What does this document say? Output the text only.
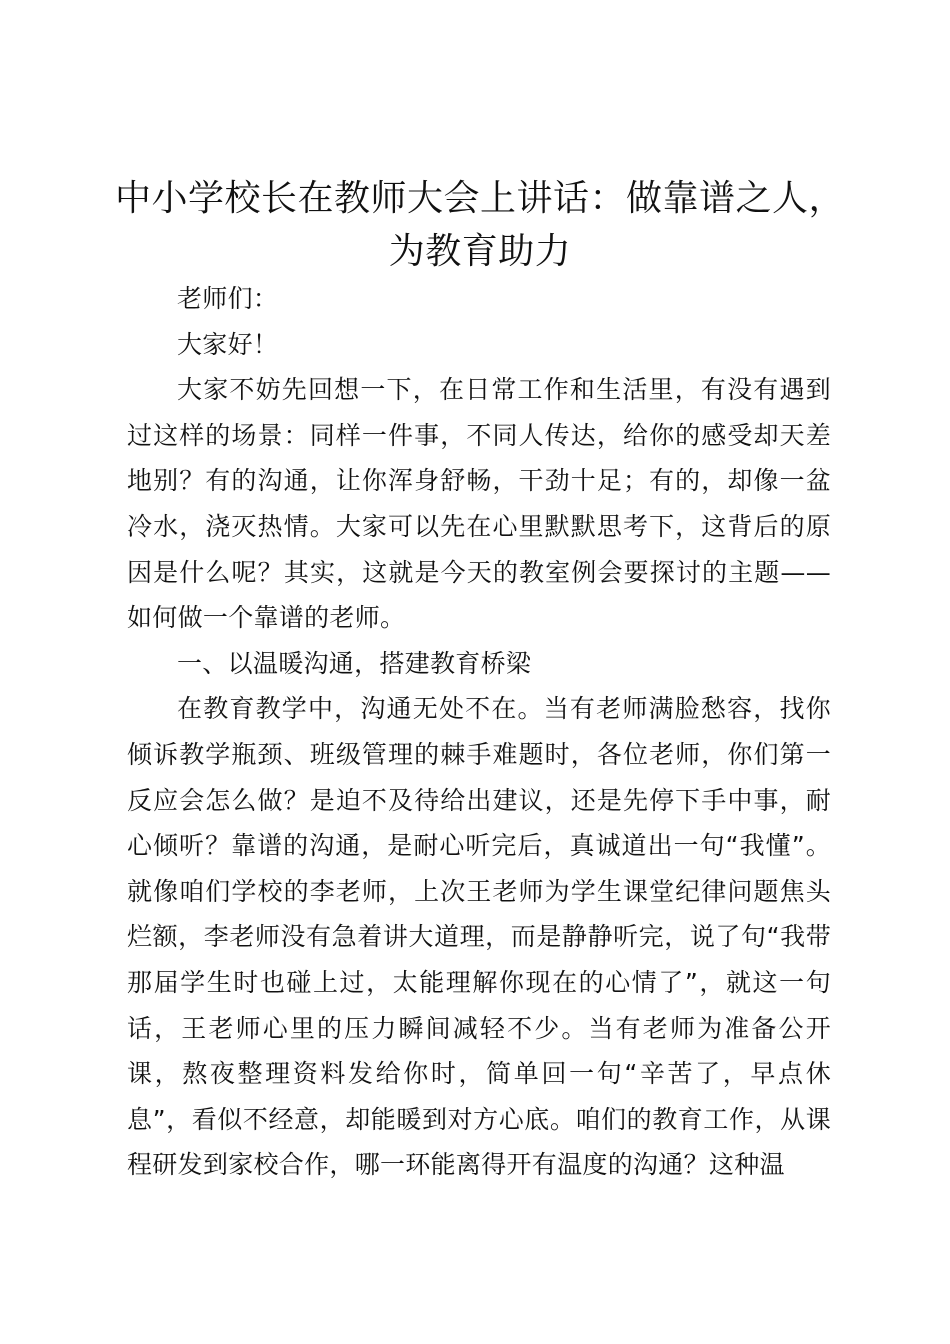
中小学校长在教师大会上讲话：做靠谱之人，为教育助力

老师们：

大家好！

大家不妨先回想一下，在日常工作和生活里，有没有遇到过这样的场景：同样一件事，不同人传达，给你的感受却天差地别？有的沟通，让你浑身舒畅，干劲十足；有的，却像一盆冷水，浇灭热情。大家可以先在心里默默思考下，这背后的原因是什么呢？其实，这就是今天的教室例会要探讨的主题——如何做一个靠谱的老师。

一、以温暖沟通，搭建教育桥梁

在教育教学中，沟通无处不在。当有老师满脸愁容，找你倾诉教学瓶颈、班级管理的棘手难题时，各位老师，你们第一反应会怎么做？是迫不及待给出建议，还是先停下手中事，耐心倾听？靠谱的沟通，是耐心听完后，真诚道出一句“我懂”。就像咱们学校的李老师，上次王老师为学生课堂纪律问题焦头烂额，李老师没有急着讲大道理，而是静静听完，说了句“我带那届学生时也碰上过，太能理解你现在的心情了”，就这一句话，王老师心里的压力瞬间减轻不少。当有老师为准备公开课，熬夜整理资料发给你时，简单回一句“辛苦了，早点休息”，看似不经意，却能暖到对方心底。咱们的教育工作，从课程研发到家校合作，哪一环能离得开有温度的沟通？这种温
